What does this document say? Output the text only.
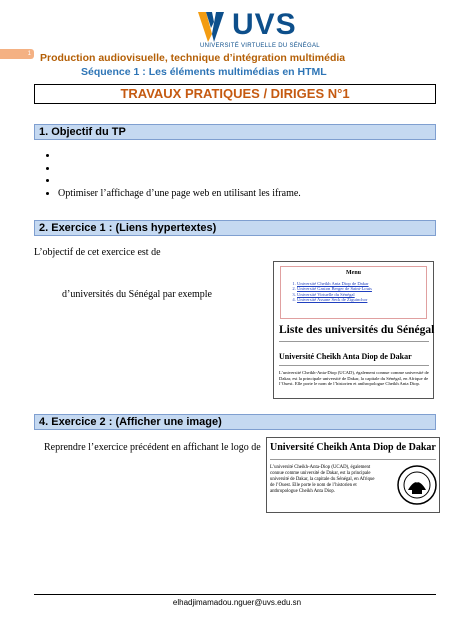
UVS
UNIVERSITÉ VIRTUELLE DU SÉNÉGAL
1 Production audiovisuelle, technique d’intégration multimédia
Séquence 1 : Les éléments multimédias en HTML
TRAVAUX PRATIQUES / DIRIGES N°1
1. Objectif du TP
•
•
•
• Optimiser l’affichage d’une page web en utilisant les iframe.
2. Exercice 1 : (Liens hypertextes)
L’objectif de cet exercice est de
d’universités du Sénégal par exemple
Menu
1. Université Cheikh Anta Diop de Dakar
2. Université Gaston Berger de Saint-Louis
3. Université Virtuelle du Sénégal
4. Université Assane Seck de Ziguinchor
Liste des universités du Sénégal
Université Cheikh Anta Diop de Dakar
L’université Cheikh-Anta-Diop (UCAD), également connue comme université de Dakar, est la principale université de Dakar, la capitale du Sénégal, en Afrique de l’Ouest. Elle porte le nom de l’historien et anthropologue Cheikh Anta Diop.
4. Exercice 2 : (Afficher une image)
Reprendre l’exercice précédent en affichant le logo de Université Cheikh Anta Diop de Dakar
L’université Cheikh-Anta-Diop (UCAD), également connue comme université de Dakar, est la principale université de Dakar, la capitale du Sénégal, en Afrique de l’Ouest. Elle porte le nom de l’historien et anthropologue Cheikh Anta Diop.
elhadjimamadou.nguer@uvs.edu.sn
